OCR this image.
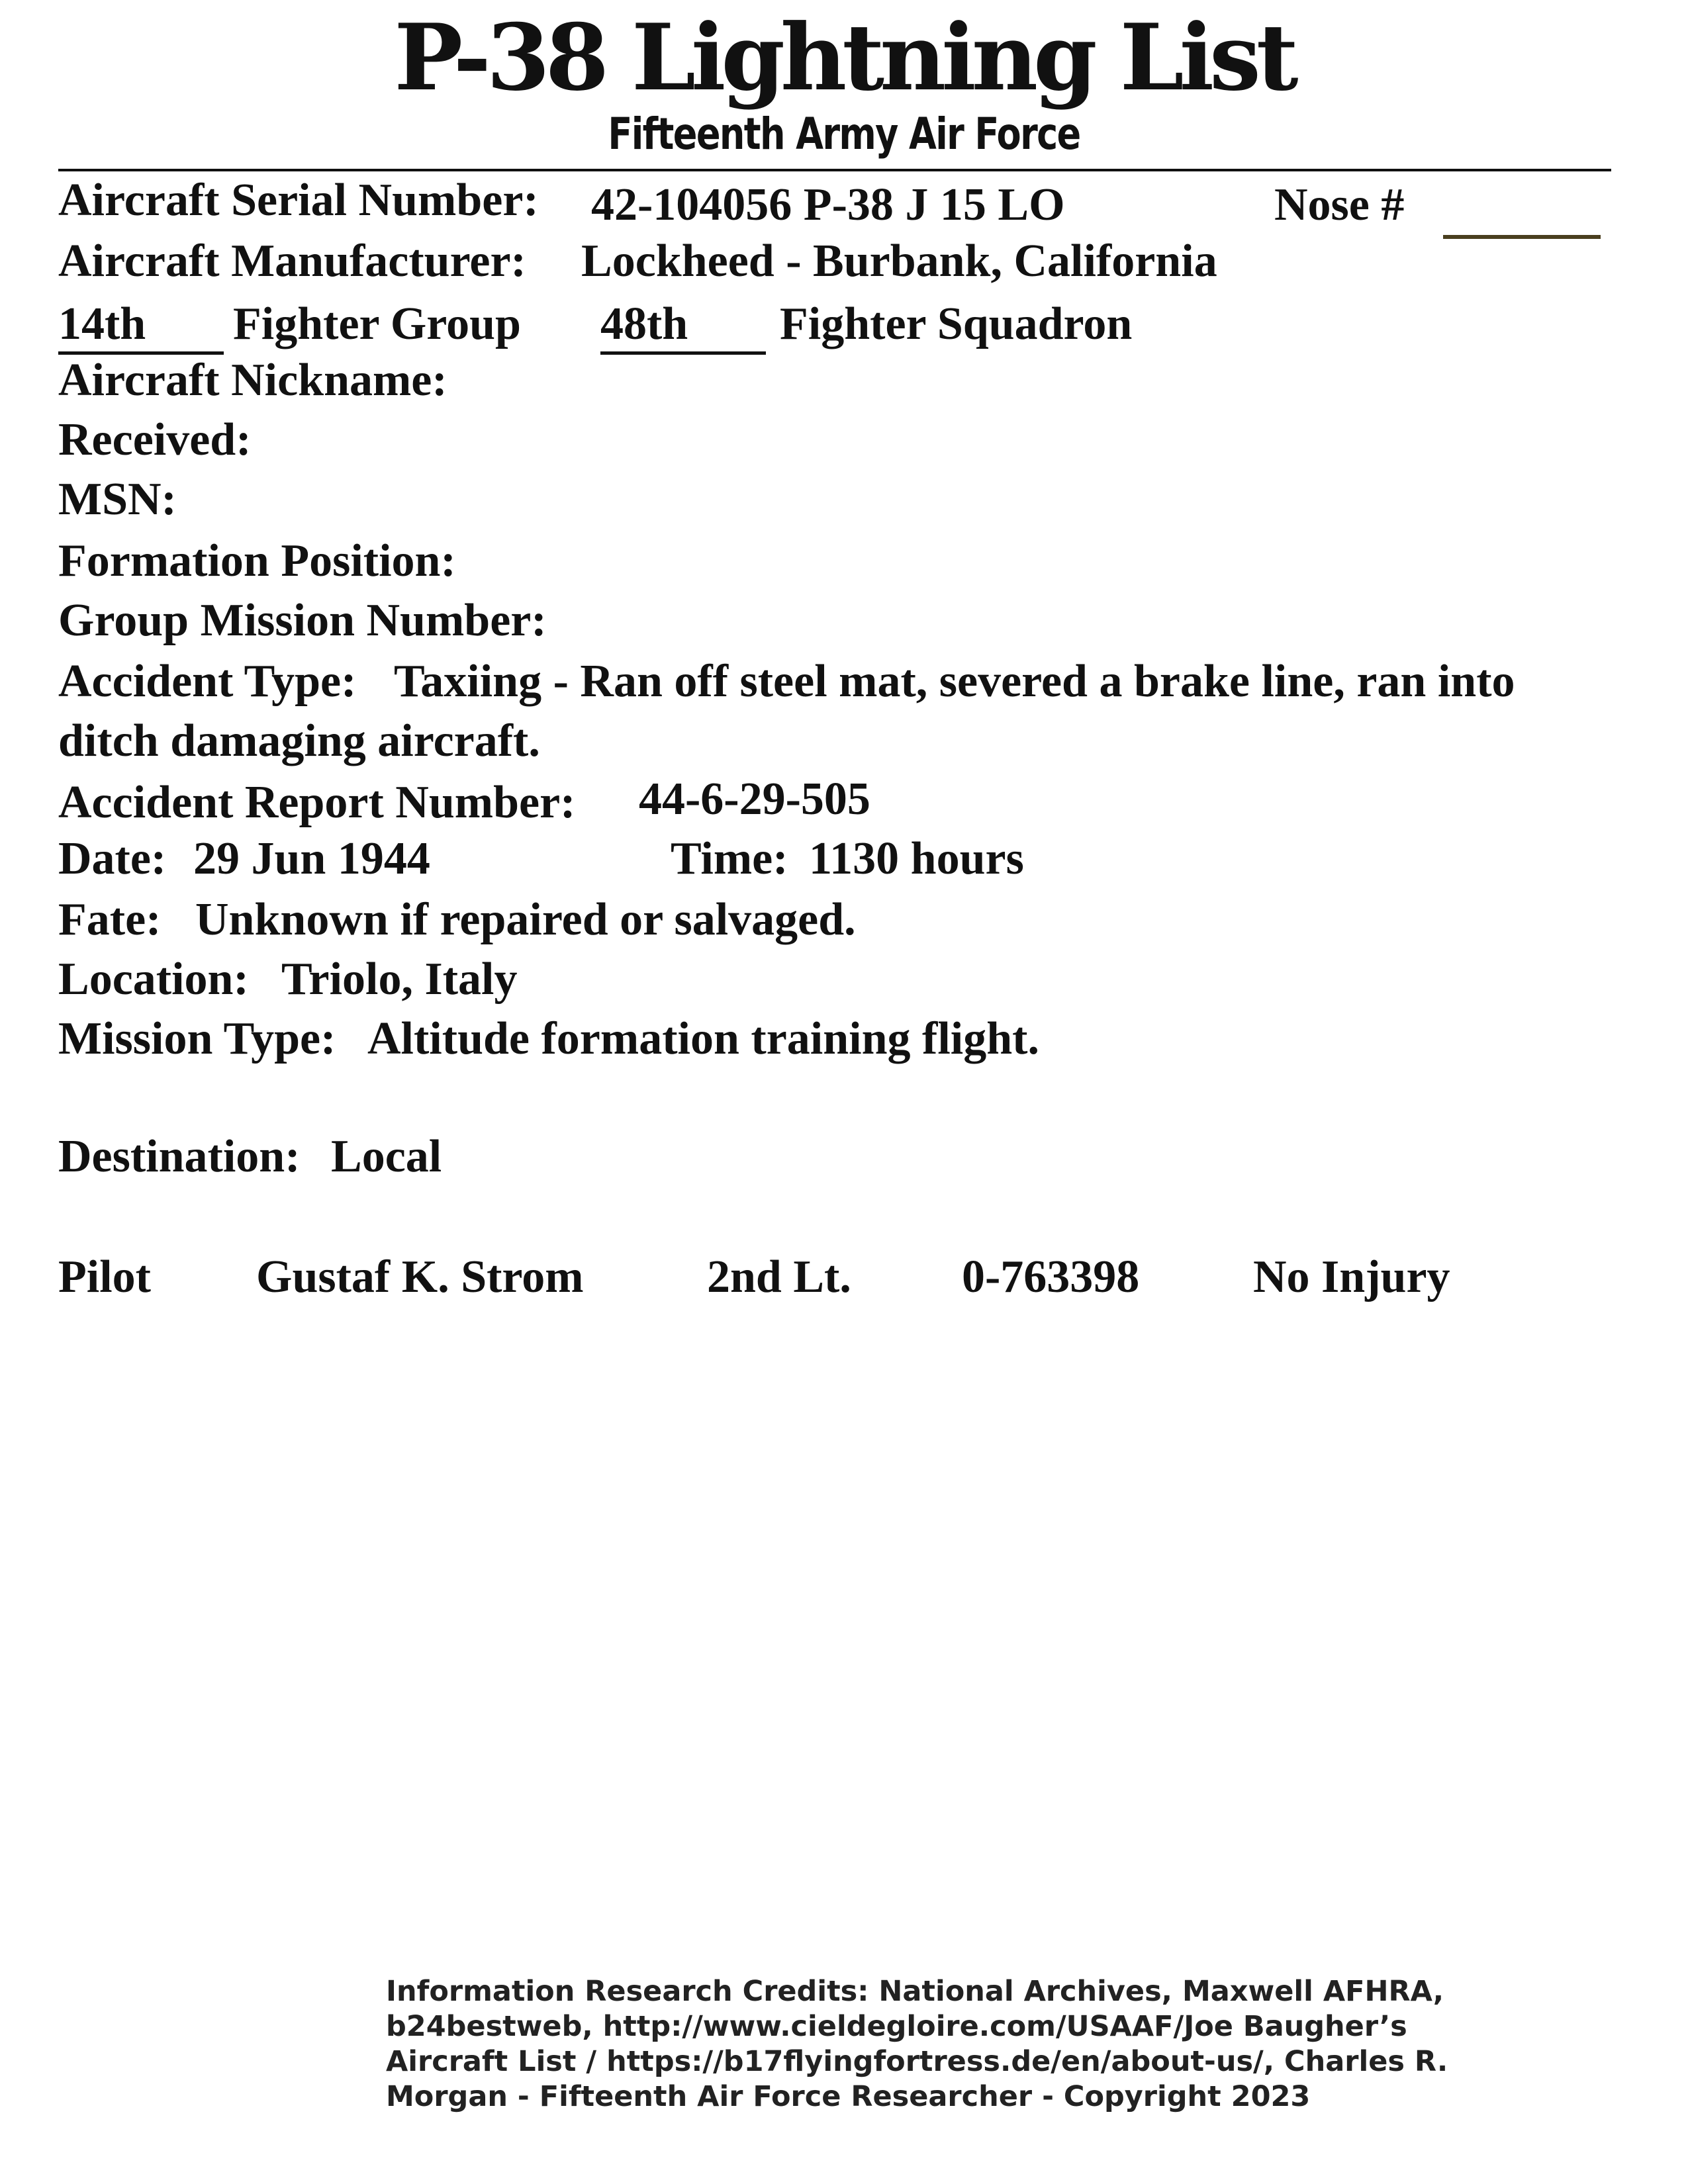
P-38 Lightning List
Fifteenth Army Air Force
Aircraft Serial Number: 42-104056 P-38 J 15 LO	Nose #
Aircraft Manufacturer: Lockheed - Burbank, California
14th	Fighter Group 48th	Fighter Squadron
Aircraft Nickname:
Received:
MSN:
Formation Position:
Group Mission Number:
Accident Type: Taxiing - Ran off steel mat, severed a brake line, ran into
ditch damaging aircraft.
Accident Report Number: 44-6-29-505
Date: 29 Jun 1944	Time: 1130 hours
Fate: Unknown if repaired or salvaged.
Location: Triolo, Italy
Mission Type: Altitude formation training flight.
Destination: Local
Pilot Gustaf K. Strom	2nd Lt. 0-763398 No Injury
Information Research Credits: National Archives, Maxwell AFHRA,
b24bestweb, http://www.cieldegloire.com/USAAF/Joe Baugher’s
Aircraft List / https://b17flyingfortress.de/en/about-us/, Charles R.
Morgan - Fifteenth Air Force Researcher - Copyright 2023
